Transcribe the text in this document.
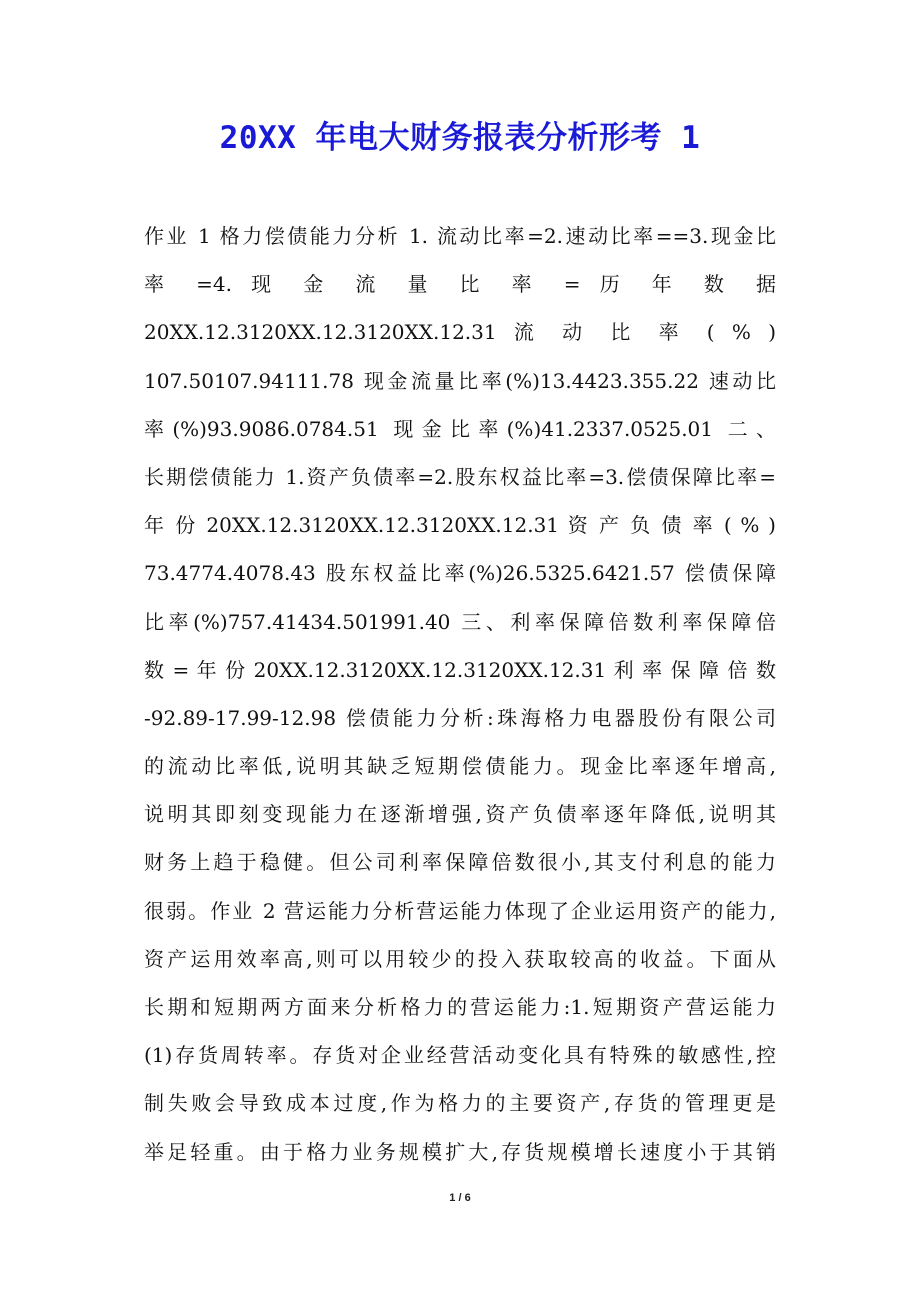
20XX 年电大财务报表分析形考 1
作业 1 格力偿债能力分析 1. 流动比率=2.速动比率==3.现金比
率 =4. 现 金 流 量 比 率 = 历 年 数 据
20XX.12.3120XX.12.3120XX.12.31 流 动 比 率 ( % )
107.50107.94111.78 现金流量比率(%)13.4423.355.22 速动比
率(%)93.9086.0784.51 现金比率(%)41.2337.0525.01 二、
长期偿债能力 1.资产负债率=2.股东权益比率=3.偿债保障比率=
年 份 20XX.12.3120XX.12.3120XX.12.31 资 产 负 债 率 ( % )
73.4774.4078.43 股东权益比率(%)26.5325.6421.57 偿债保障
比率(%)757.41434.501991.40 三、利率保障倍数利率保障倍
数 = 年 份 20XX.12.3120XX.12.3120XX.12.31 利 率 保 障 倍 数
-92.89-17.99-12.98 偿债能力分析:珠海格力电器股份有限公司
的流动比率低,说明其缺乏短期偿债能力。现金比率逐年增高,
说明其即刻变现能力在逐渐增强,资产负债率逐年降低,说明其
财务上趋于稳健。但公司利率保障倍数很小,其支付利息的能力
很弱。作业 2 营运能力分析营运能力体现了企业运用资产的能力,
资产运用效率高,则可以用较少的投入获取较高的收益。下面从
长期和短期两方面来分析格力的营运能力:1.短期资产营运能力
(1)存货周转率。存货对企业经营活动变化具有特殊的敏感性,控
制失败会导致成本过度,作为格力的主要资产,存货的管理更是
举足轻重。由于格力业务规模扩大,存货规模增长速度小于其销
1 / 6
